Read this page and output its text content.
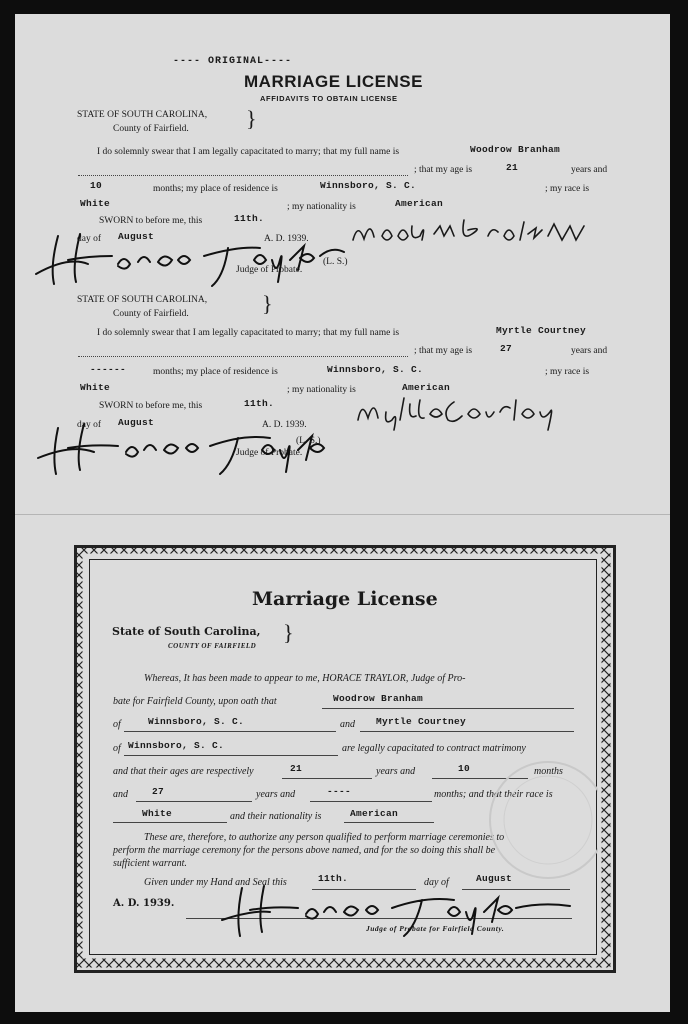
---- ORIGINAL----
MARRIAGE LICENSE
AFFIDAVITS TO OBTAIN LICENSE
STATE OF SOUTH CAROLINA,
County of Fairfield.	}
I do solemnly swear that I am legally capacitated to marry; that my full name is	Woodrow Branham
; that my age is	21	years and
10	months; my place of residence is	Winnsboro, S. C.	; my race is
White	; my nationality is	American
SWORN to before me, this	11th.
day of August	A. D. 1939.
(L. S.)
Judge of Probate.
STATE OF SOUTH CAROLINA,
County of Fairfield.	}
I do solemnly swear that I am legally capacitated to marry; that my full name is	Myrtle Courtney
; that my age is	27	years and
------	months; my place of residence is	Winnsboro, S. C.	; my race is
White	; my nationality is	American
SWORN to before me, this	11th.
day of August	A. D. 1939.
(L. S.)
Judge of Probate.
Marriage License
State of South Carolina,
COUNTY OF FAIRFIELD
}
Whereas, It has been made to appear to me, HORACE TRAYLOR, Judge of Pro-
bate for Fairfield County, upon oath that	Woodrow Branham
of	Winnsboro, S. C.	and Myrtle Courtney
of Winnsboro, S. C.	are legally capacitated to contract matrimony
and that their ages are respectively	21	years and	10	months
and	27	years and	----	months; and that their race is
White	and their nationality is	American
These are, therefore, to authorize any person qualified to perform marriage ceremonies to
perform the marriage ceremony for the persons above named, and for the so doing this shall be
sufficient warrant.
Given under my Hand and Seal this	11th.	day of	August
A. D. 1939.
Judge of Probate for Fairfield County.
